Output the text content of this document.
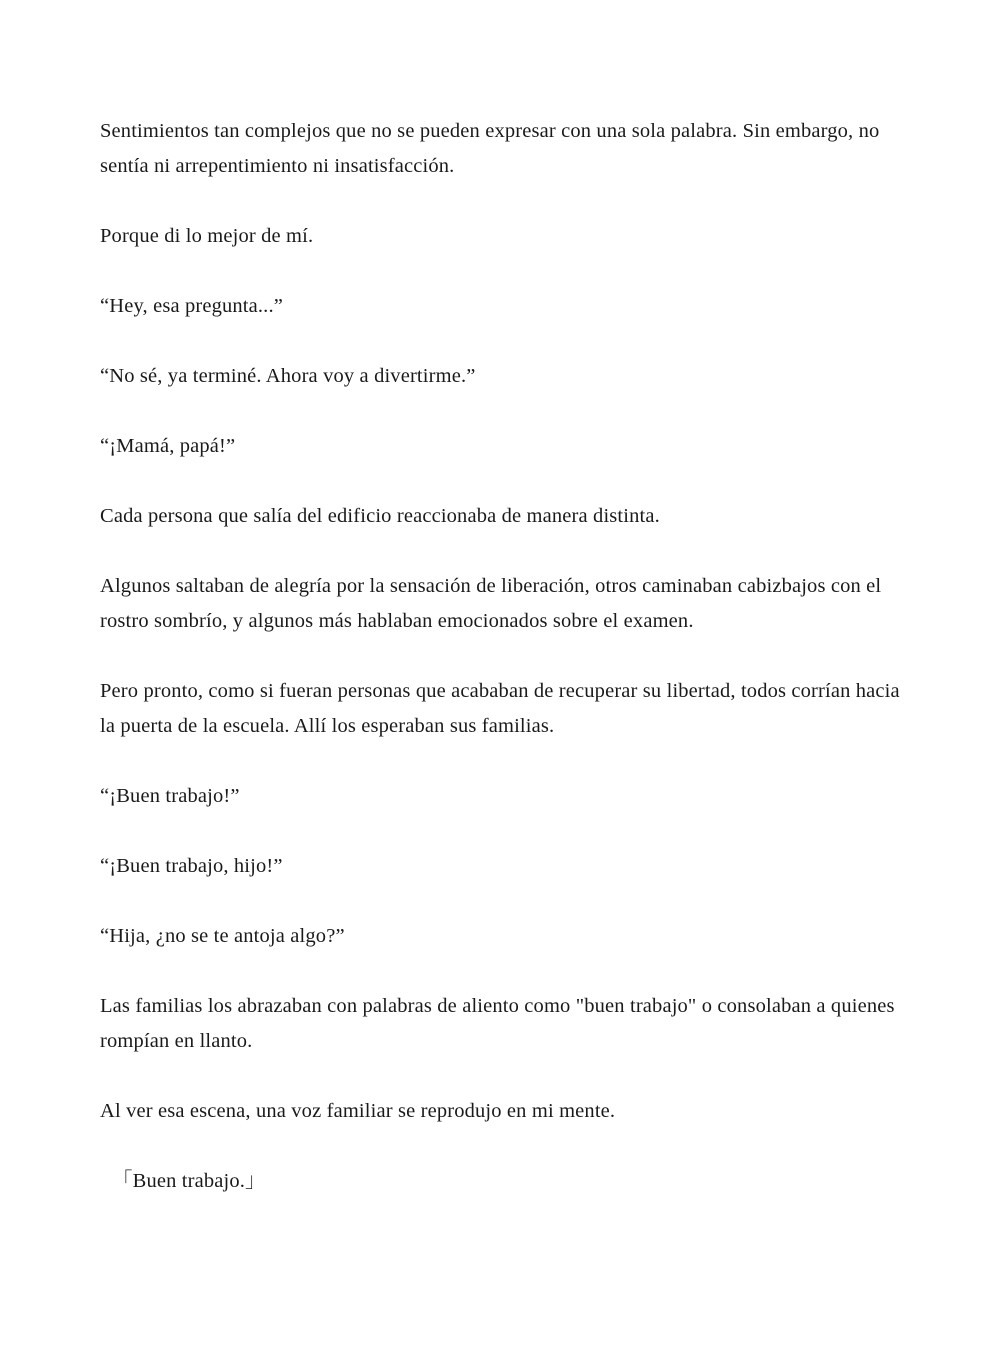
Sentimientos tan complejos que no se pueden expresar con una sola palabra. Sin embargo, no sentía ni arrepentimiento ni insatisfacción.

Porque di lo mejor de mí.

“Hey, esa pregunta...”

“No sé, ya terminé. Ahora voy a divertirme.”

“¡Mamá, papá!”

Cada persona que salía del edificio reaccionaba de manera distinta.

Algunos saltaban de alegría por la sensación de liberación, otros caminaban cabizbajos con el rostro sombrío, y algunos más hablaban emocionados sobre el examen.

Pero pronto, como si fueran personas que acababan de recuperar su libertad, todos corrían hacia la puerta de la escuela. Allí los esperaban sus familias.

“¡Buen trabajo!”

“¡Buen trabajo, hijo!”

“Hija, ¿no se te antoja algo?”

Las familias los abrazaban con palabras de aliento como "buen trabajo" o consolaban a quienes rompían en llanto.

Al ver esa escena, una voz familiar se reprodujo en mi mente.

「Buen trabajo.」
